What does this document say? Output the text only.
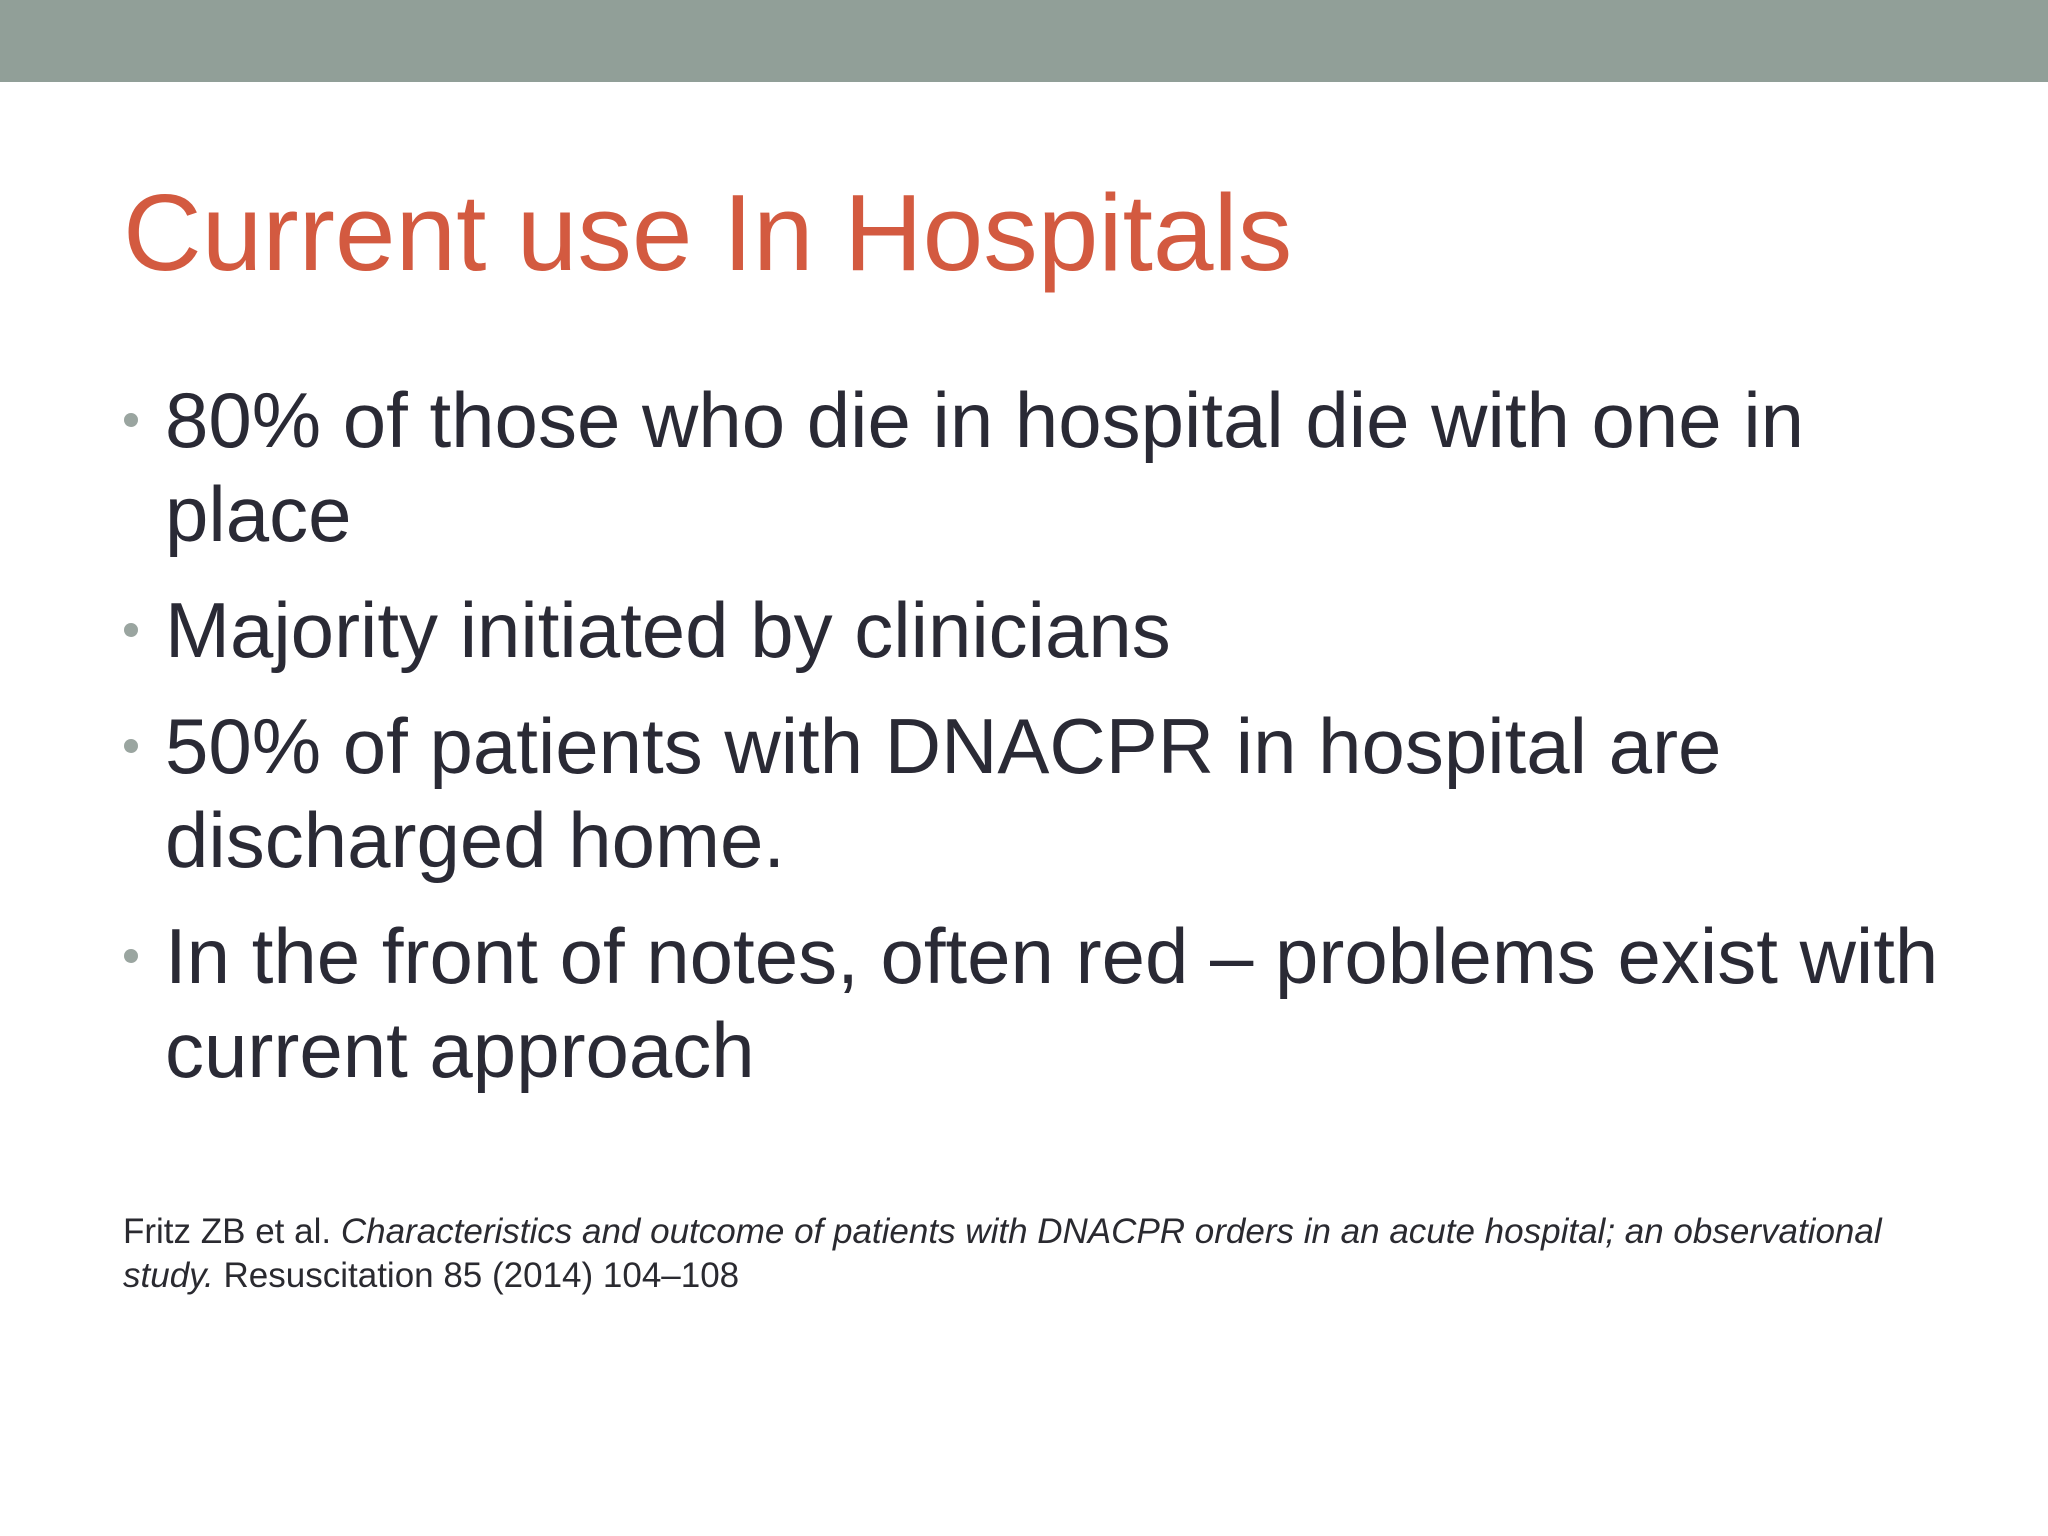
Current use In Hospitals
80% of those who die in hospital die with one in place
Majority initiated by clinicians
50% of patients with DNACPR in hospital are discharged home.
In the front of notes, often red – problems exist with current approach

Fritz ZB et al. Characteristics and outcome of patients with DNACPR orders in an acute hospital; an observational study. Resuscitation 85 (2014) 104–108
